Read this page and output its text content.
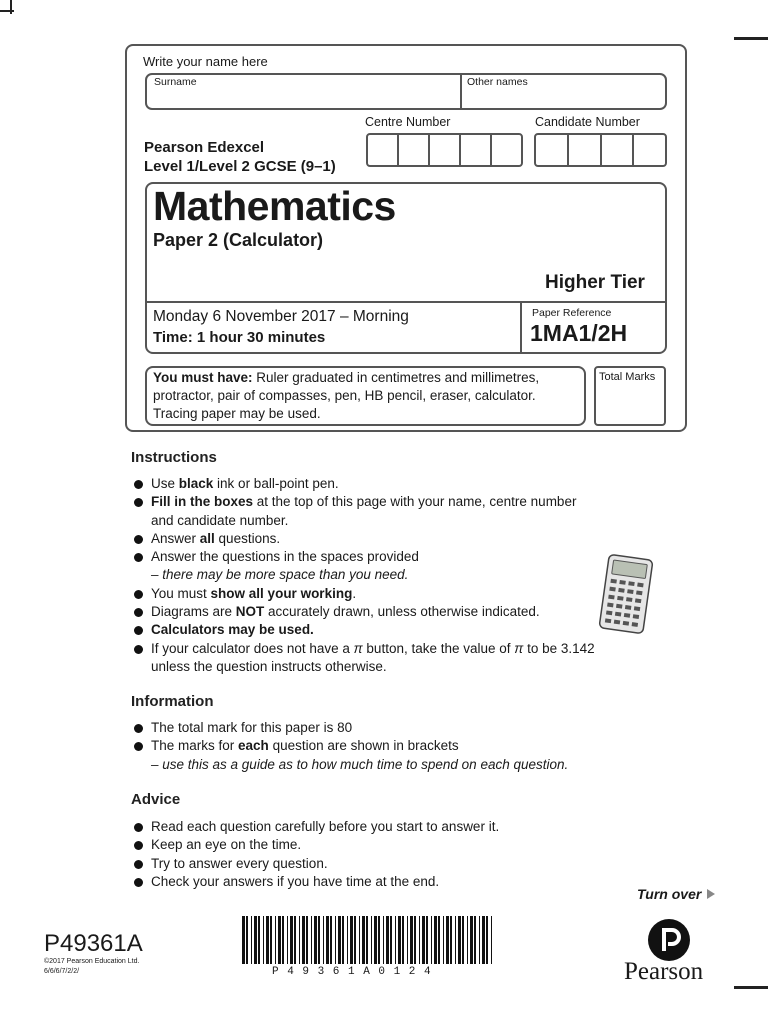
Write your name here
Surname	Other names
Centre Number	Candidate Number
Pearson Edexcel
Level 1/Level 2 GCSE (9–1)
Mathematics
Paper 2 (Calculator)
Higher Tier
Monday 6 November 2017 – Morning
Time: 1 hour 30 minutes
Paper Reference
1MA1/2H
You must have: Ruler graduated in centimetres and millimetres, protractor, pair of compasses, pen, HB pencil, eraser, calculator. Tracing paper may be used.
Total Marks
Instructions
Use black ink or ball-point pen.
Fill in the boxes at the top of this page with your name, centre number and candidate number.
Answer all questions.
Answer the questions in the spaces provided
– there may be more space than you need.
You must show all your working.
Diagrams are NOT accurately drawn, unless otherwise indicated.
Calculators may be used.
If your calculator does not have a π button, take the value of π to be 3.142 unless the question instructs otherwise.
Information
The total mark for this paper is 80
The marks for each question are shown in brackets
– use this as a guide as to how much time to spend on each question.
Advice
Read each question carefully before you start to answer it.
Keep an eye on the time.
Try to answer every question.
Check your answers if you have time at the end.
Turn over
P49361A
©2017 Pearson Education Ltd.
6/6/6/7/2/2/	P49361A0124	Pearson
